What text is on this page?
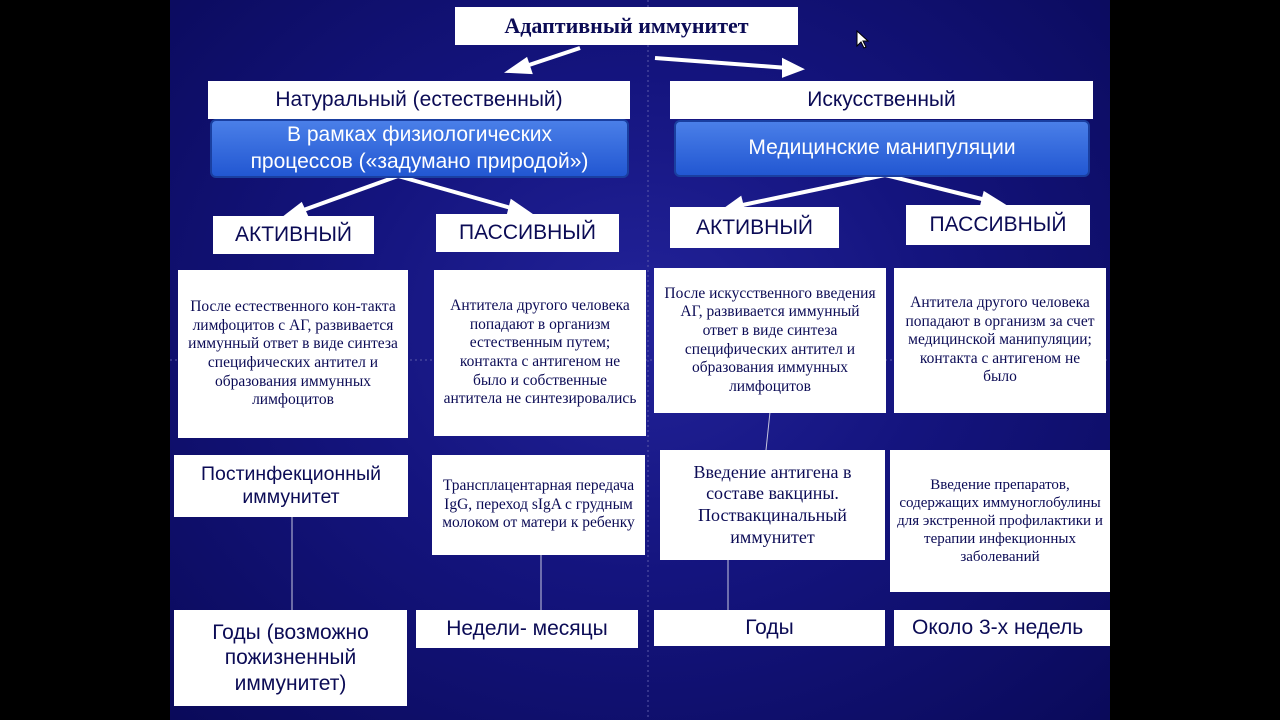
Адаптивный иммунитет
Натуральный (естественный)
В рамках физиологических
процессов («задумано природой»)
АКТИВНЫЙ	ПАССИВНЫЙ
После естественного кон-такта лимфоцитов с АГ, развивается иммунный ответ в виде синтеза специфических антител и образования иммунных лимфоцитов
Антитела другого человека попадают в организм естественным путем; контакта с антигеном не было и собственные антитела не синтезировались
Постинфекционный иммунитет
Трансплацентарная передача IgG, переход sIgA с грудным молоком от матери к ребенку
Годы (возможно пожизненный иммунитет)
Недели- месяцы
Искусственный
Медицинские манипуляции
АКТИВНЫЙ	ПАССИВНЫЙ
После искусственного введения АГ, развивается иммунный ответ в виде синтеза специфических антител и образования иммунных лимфоцитов
Антитела другого человека попадают в организм за счет медицинской манипуляции; контакта с антигеном не было
Введение антигена в составе вакцины. Поствакцинальный иммунитет
Введение препаратов, содержащих иммуноглобулины для экстренной профилактики и терапии инфекционных заболеваний
Годы	Около 3-х недель
